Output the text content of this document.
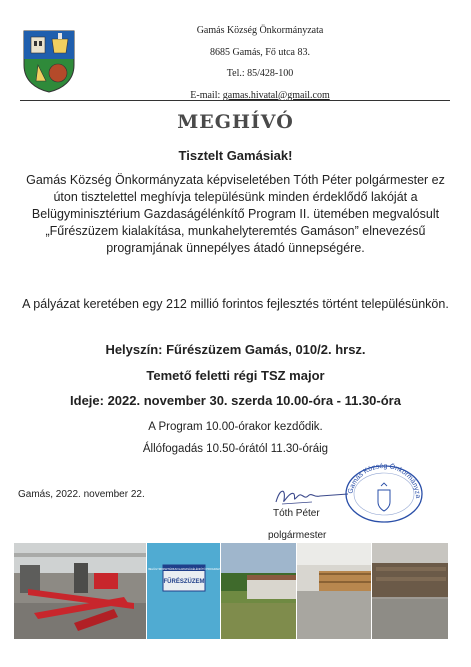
Gamás Község Önkormányzata
8685 Gamás, Fő utca 83.
Tel.: 85/428-100
E-mail: gamas.hivatal@gmail.com
MEGHÍVÓ
Tisztelt Gamásiak!
Gamás Község Önkormányzata képviseletében Tóth Péter polgármester ez úton tisztelettel meghívja településünk minden érdeklődő lakóját a Belügyminisztérium Gazdaságélénkítő Program II. ütemében megvalósult „Fűrészüzem kialakítása, munkahelyteremtés Gamáson” elnevezésű programjának ünnepélyes átadó ünnepségére.
A pályázat keretében egy 212 millió forintos fejlesztés történt településünkön.
Helyszín: Fűrészüzem Gamás, 010/2. hrsz.
Temető feletti régi TSZ major
Ideje: 2022. november 30. szerda 10.00-óra - 11.30-óra
A Program 10.00-órakor kezdődik.
Állófogadás 10.50-órától 11.30-óráig
Gamás, 2022. november 22.
Tóth Péter
polgármester
Gamás Község Önkormányza
BELÜGYMINISZTÉRIUM GAZDASÁGÉLÉNKÍTŐ PROGRAM
FŰRÉSZÜZEM
